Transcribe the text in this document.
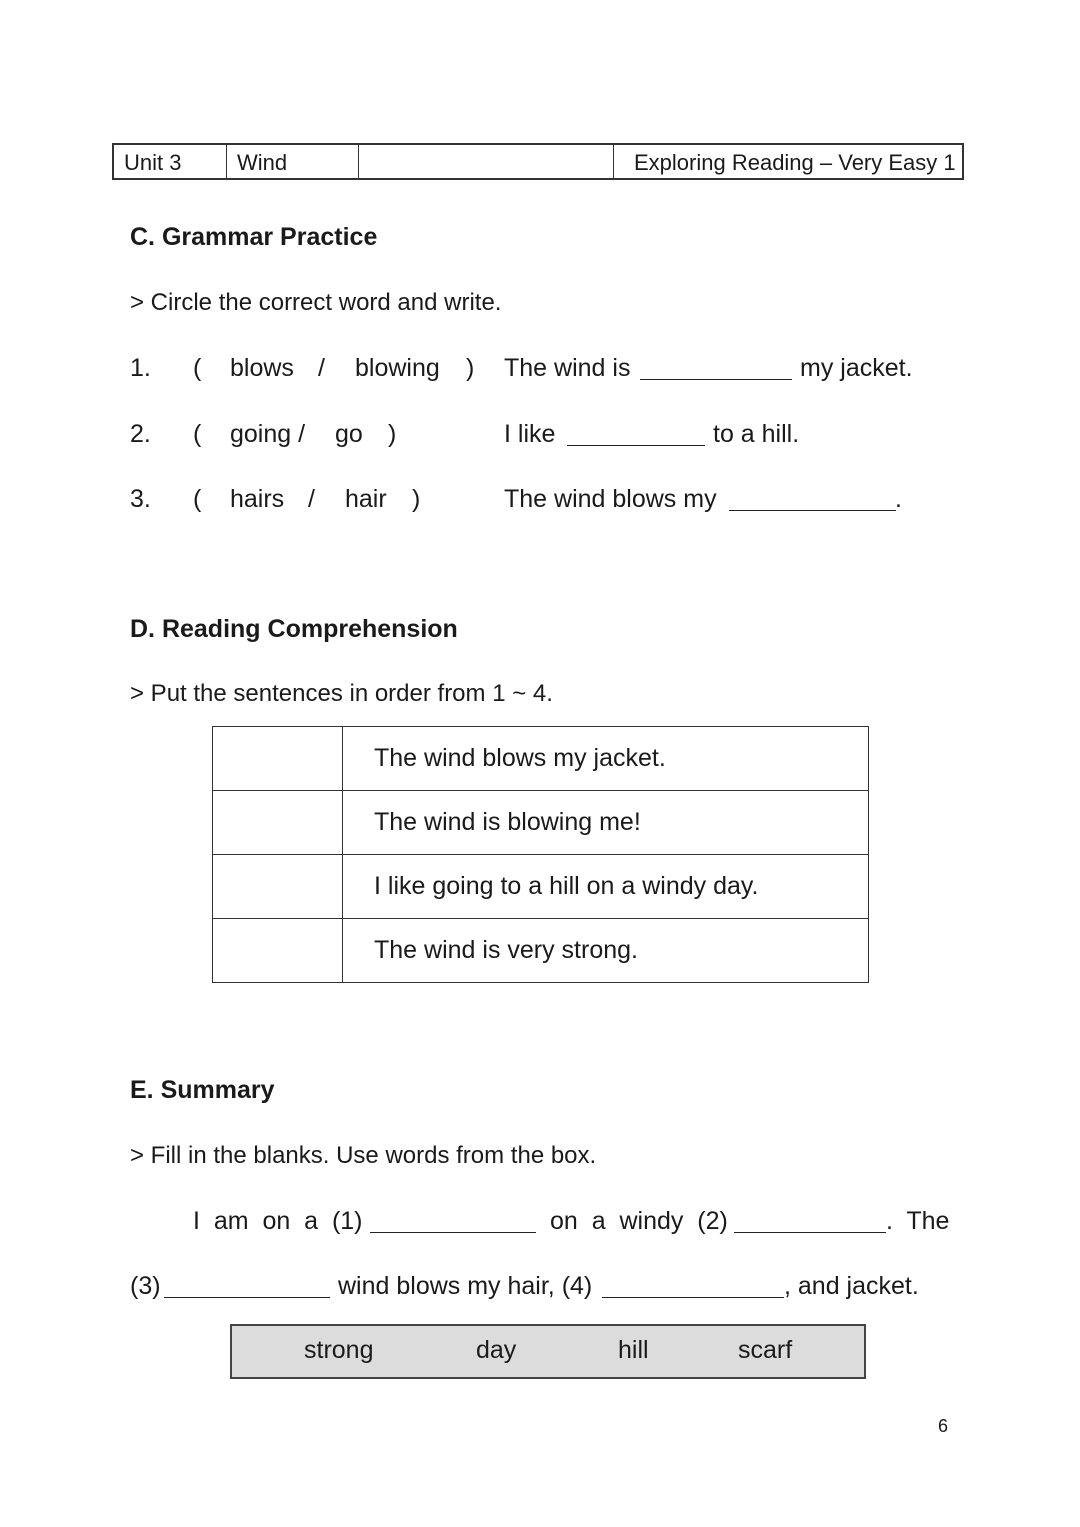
Unit 3	Wind	Exploring Reading – Very Easy 1
C. Grammar Practice
> Circle the correct word and write.
1. ( blows / blowing ) The wind is	my jacket.
2. ( going / go )	I like	to a hill.
3. ( hairs / hair )	The wind blows my	.
D. Reading Comprehension
> Put the sentences in order from 1 ~ 4.
	The wind blows my jacket.
	The wind is blowing me!
	I like going to a hill on a windy day.
	The wind is very strong.
E. Summary
> Fill in the blanks. Use words from the box.
I  am  on  a  (1)	on  a  windy  (2)	.  The
(3)	wind blows my hair, (4)	, and jacket.
strong	day	hill	scarf
6
